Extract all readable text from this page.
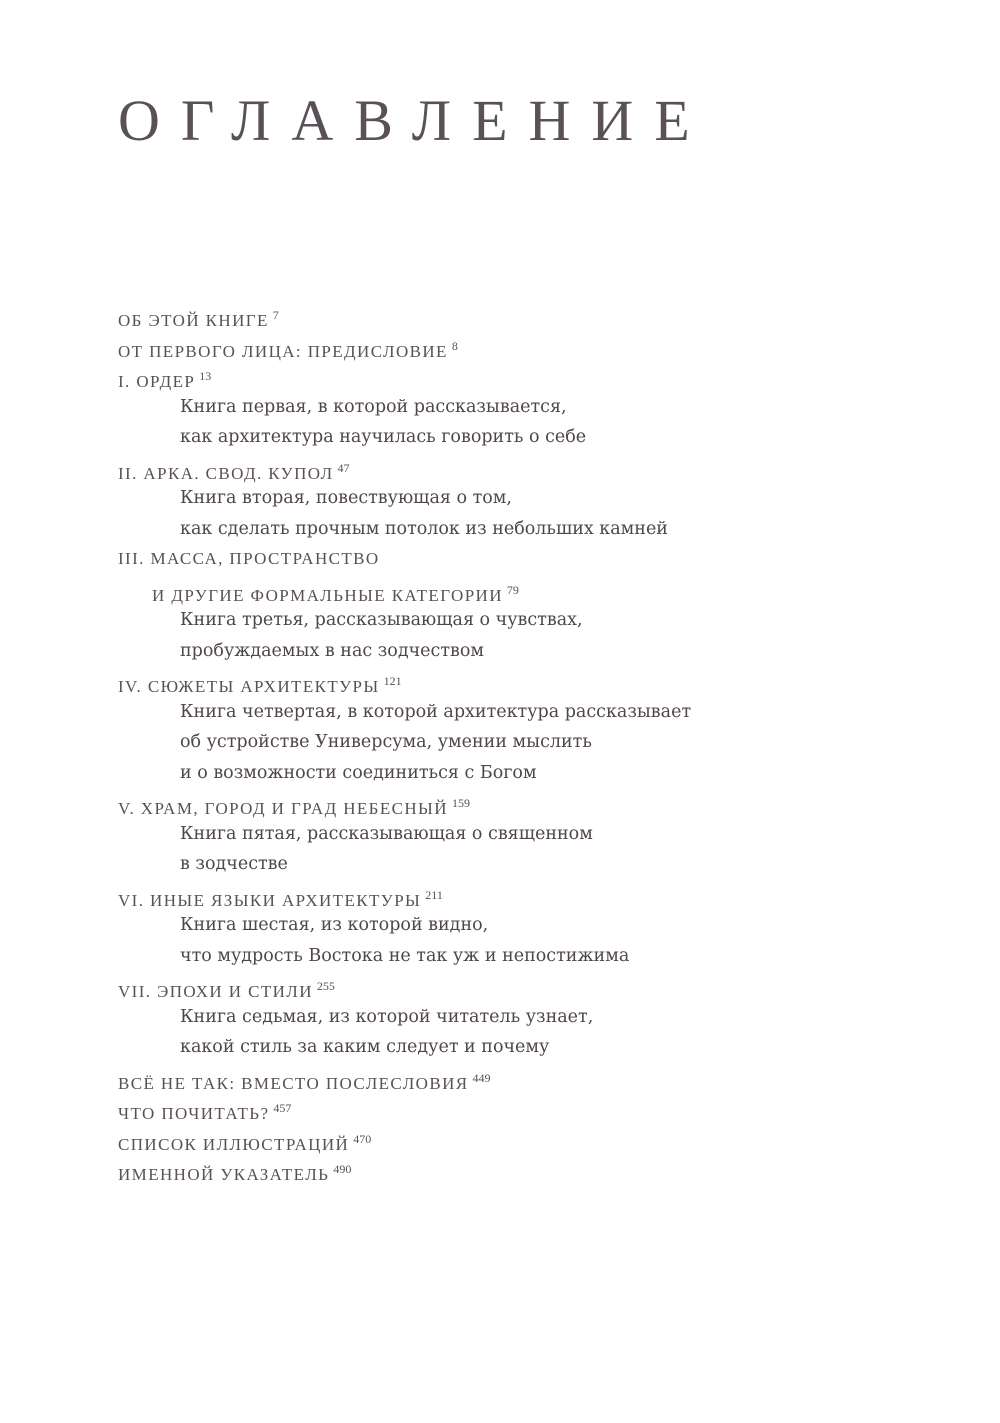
ОГЛАВЛЕНИЕ
ОБ ЭТОЙ КНИГЕ $^7$
ОТ ПЕРВОГО ЛИЦА: ПРЕДИСЛОВИЕ $^8$
I. ОРДЕР $^{13}$
Книга первая, в которой рассказывается,
как архитектура научилась говорить о себе
II. АРКА. СВОД. КУПОЛ $^{47}$
Книга вторая, повествующая о том,
как сделать прочным потолок из небольших камней
III. МАССА, ПРОСТРАНСТВО
И ДРУГИЕ ФОРМАЛЬНЫЕ КАТЕГОРИИ $^{79}$
Книга третья, рассказывающая о чувствах,
пробуждаемых в нас зодчеством
IV. СЮЖЕТЫ АРХИТЕКТУРЫ $^{121}$
Книга четвертая, в которой архитектура рассказывает
об устройстве Универсума, умении мыслить
и о возможности соединиться с Богом
V. ХРАМ, ГОРОД И ГРАД НЕБЕСНЫЙ $^{159}$
Книга пятая, рассказывающая о священном
в зодчестве
VI. ИНЫЕ ЯЗЫКИ АРХИТЕКТУРЫ $^{211}$
Книга шестая, из которой видно,
что мудрость Востока не так уж и непостижима
VII. ЭПОХИ И СТИЛИ $^{255}$
Книга седьмая, из которой читатель узнает,
какой стиль за каким следует и почему
ВСЁ НЕ ТАК: ВМЕСТО ПОСЛЕСЛОВИЯ $^{449}$
ЧТО ПОЧИТАТЬ? $^{457}$
СПИСОК ИЛЛЮСТРАЦИЙ $^{470}$
ИМЕННОЙ УКАЗАТЕЛЬ $^{490}$
